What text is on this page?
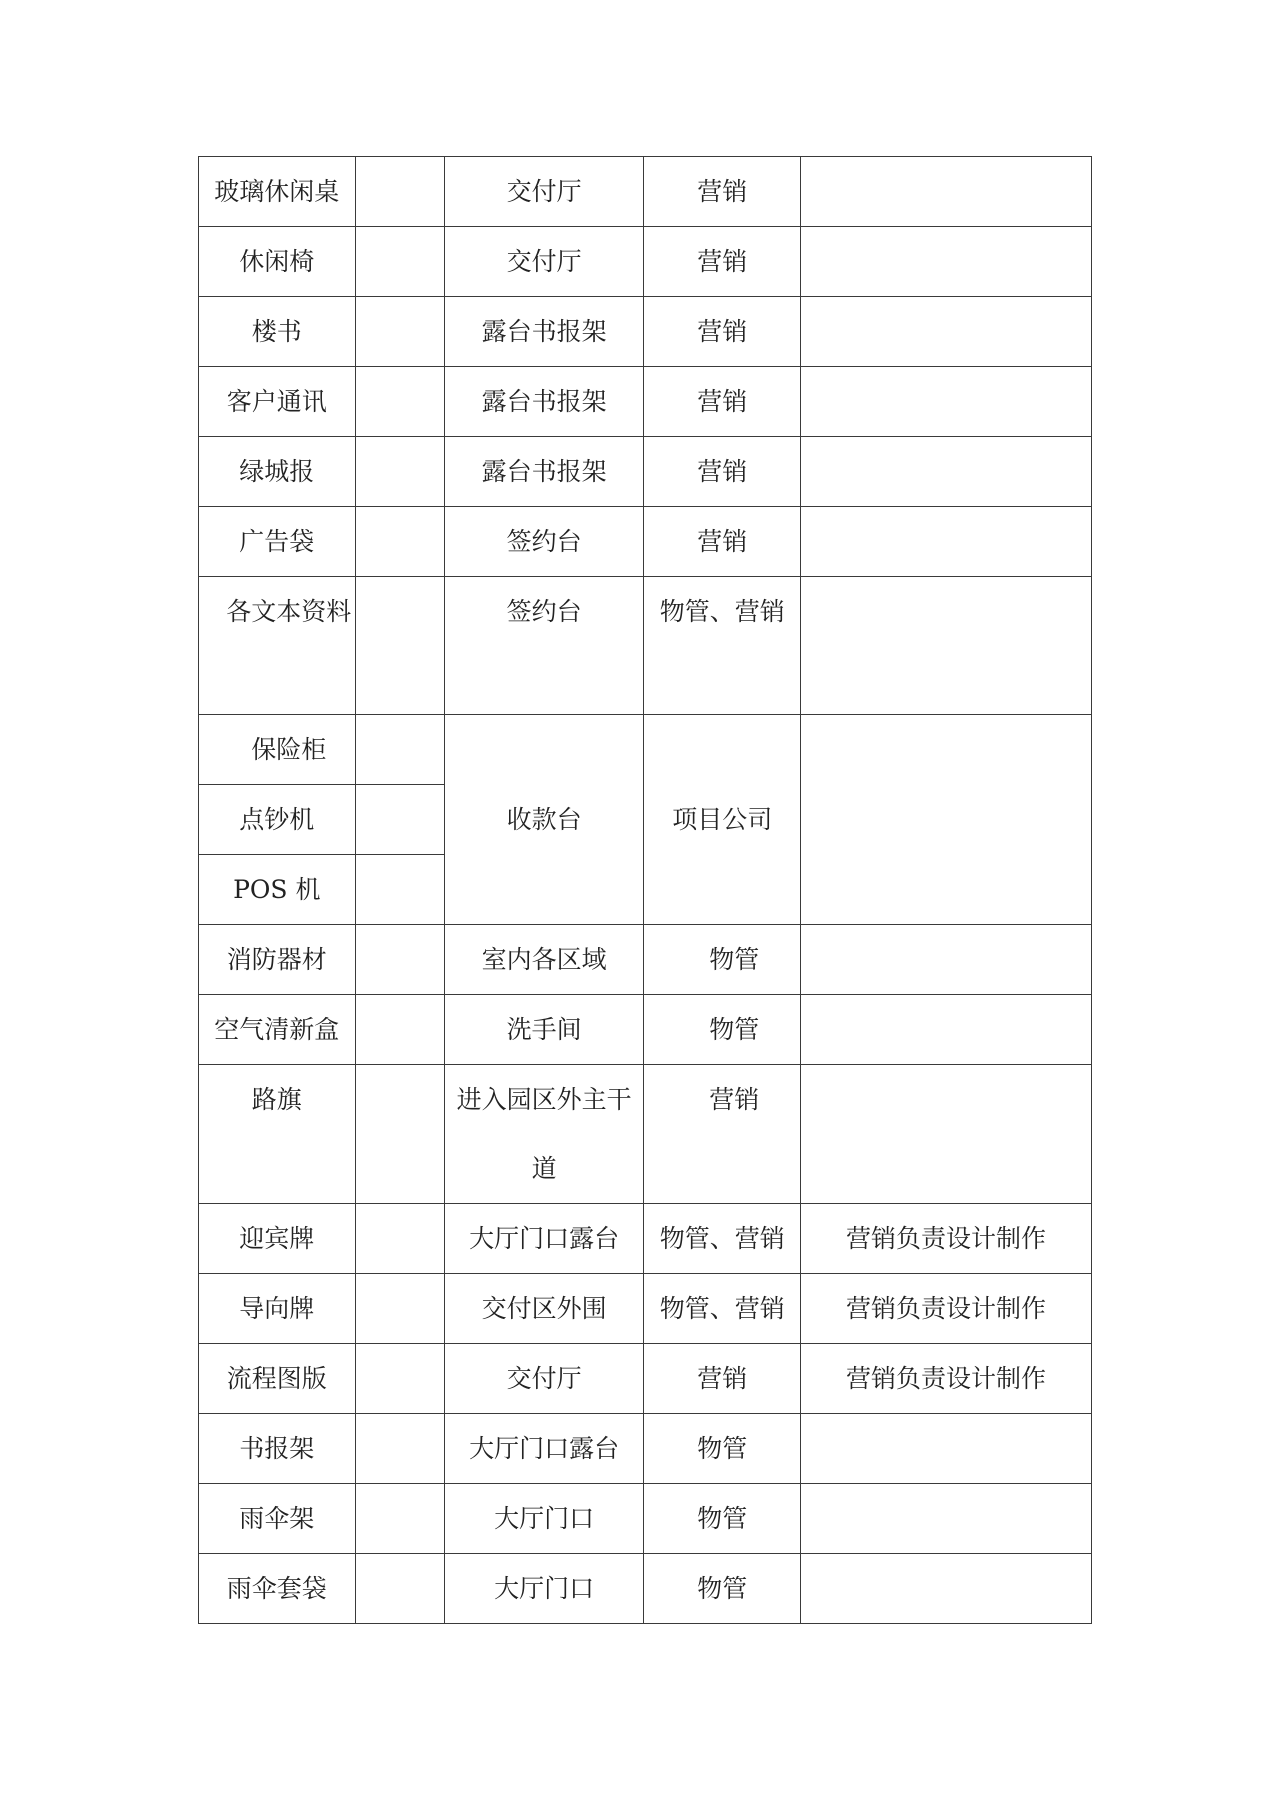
玻璃休闲桌		交付厅	营销	
休闲椅		交付厅	营销	
楼书		露台书报架	营销	
客户通讯		露台书报架	营销	
绿城报		露台书报架	营销	
广告袋		签约台	营销	
各文本资料		签约台	物管、营销	
保险柜		收款台	项目公司	
点钞机				
POS 机				
消防器材		室内各区域	物管	
空气清新盒		洗手间	物管	
路旗		进入园区外主干道	营销	
迎宾牌		大厅门口露台	物管、营销	营销负责设计制作
导向牌		交付区外围	物管、营销	营销负责设计制作
流程图版		交付厅	营销	营销负责设计制作
书报架		大厅门口露台	物管	
雨伞架		大厅门口	物管	
雨伞套袋		大厅门口	物管	
